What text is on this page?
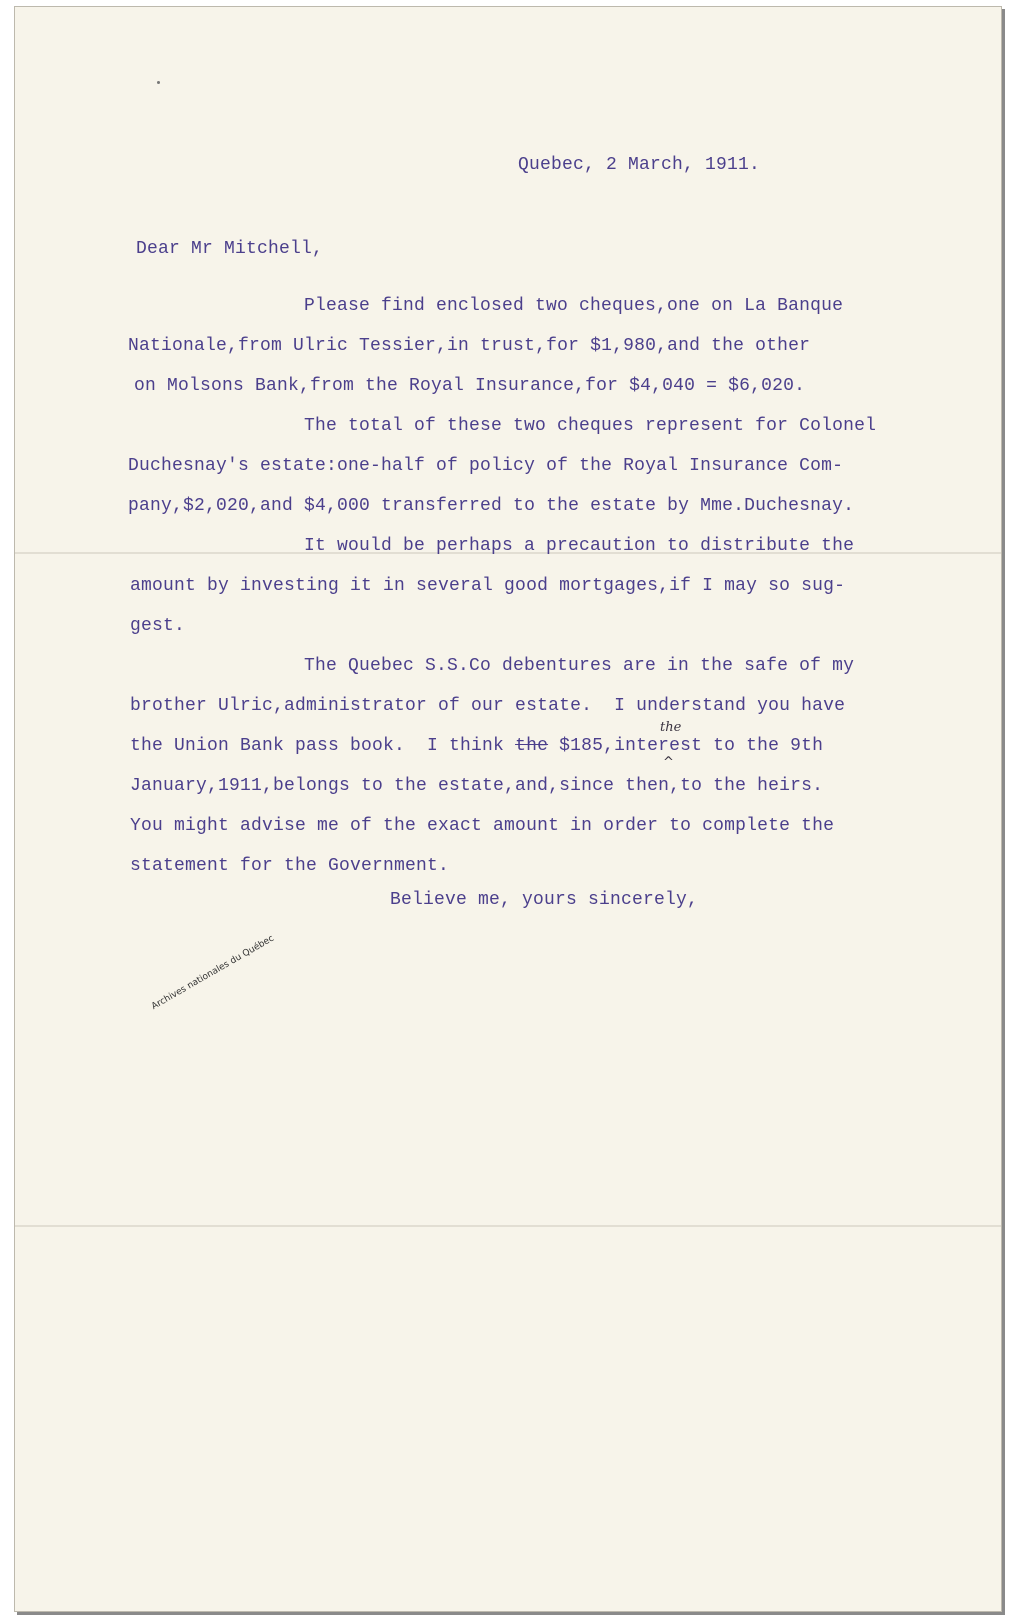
Quebec, 2 March, 1911.

Dear Mr Mitchell,

Please find enclosed two cheques,one on La Banque

Nationale,from Ulric Tessier,in trust,for $1,980,and the other

on Molsons Bank,from the Royal Insurance,for $4,040 = $6,020.

The total of these two cheques represent for Colonel

Duchesnay's estate:one-half of policy of the Royal Insurance Com-

pany,$2,020,and $4,000 transferred to the estate by Mme.Duchesnay.

It would be perhaps a precaution to distribute the

amount by investing it in several good mortgages,if I may so sug-

gest.

The Quebec S.S.Co debentures are in the safe of my

brother Ulric,administrator of our estate.  I understand you have

the Union Bank pass book.  I think the $185,interest to the 9th

January,1911,belongs to the estate,and,since then,to the heirs.

You might advise me of the exact amount in order to complete the

statement for the Government.

Believe me, yours sincerely,

the
^
Archives nationales du Québec
